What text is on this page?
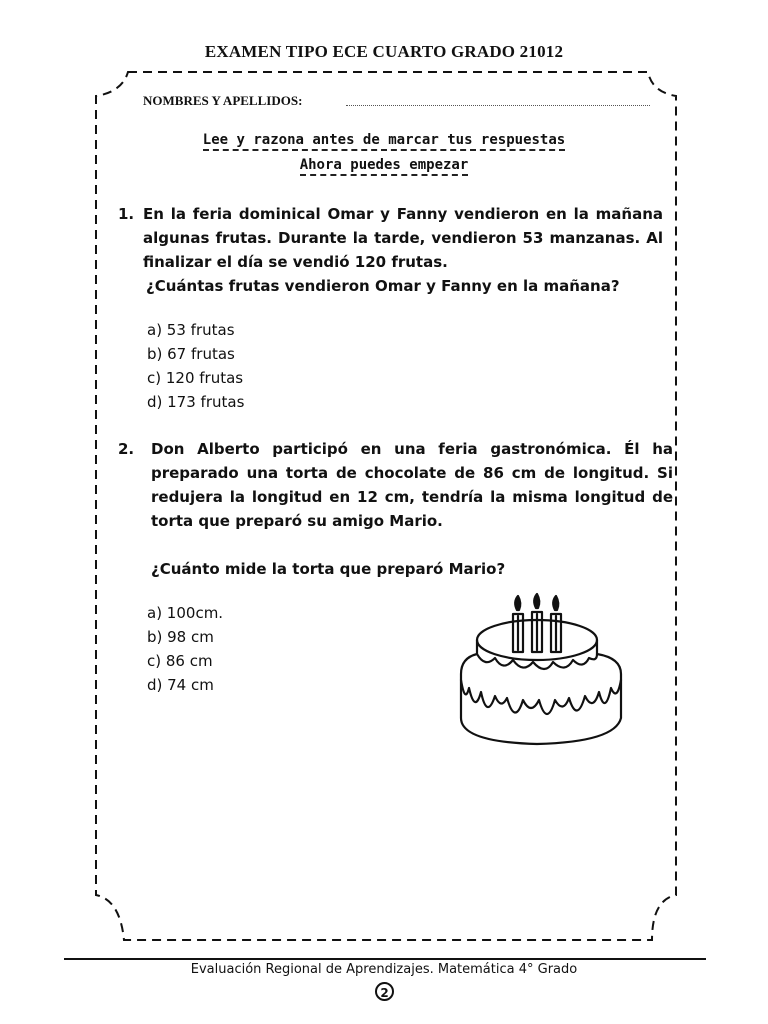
EXAMEN TIPO ECE CUARTO GRADO 21012
NOMBRES Y APELLIDOS:
Lee y razona antes de marcar tus respuestas
Ahora puedes empezar
1. En la feria dominical Omar y Fanny vendieron en la mañana
algunas frutas. Durante la tarde, vendieron 53 manzanas. Al
finalizar el día se vendió 120 frutas.
¿Cuántas frutas vendieron Omar y Fanny en la mañana?
a) 53 frutas
b) 67 frutas
c) 120 frutas
d) 173 frutas
2. Don Alberto participó en una feria gastronómica. Él ha
preparado una torta de chocolate de 86 cm de longitud. Si
redujera la longitud en 12 cm, tendría la misma longitud de
torta que preparó su amigo Mario.
¿Cuánto mide la torta que preparó Mario?
a) 100cm.
b) 98 cm
c) 86 cm
d) 74 cm
Evaluación Regional de Aprendizajes. Matemática 4° Grado
2
